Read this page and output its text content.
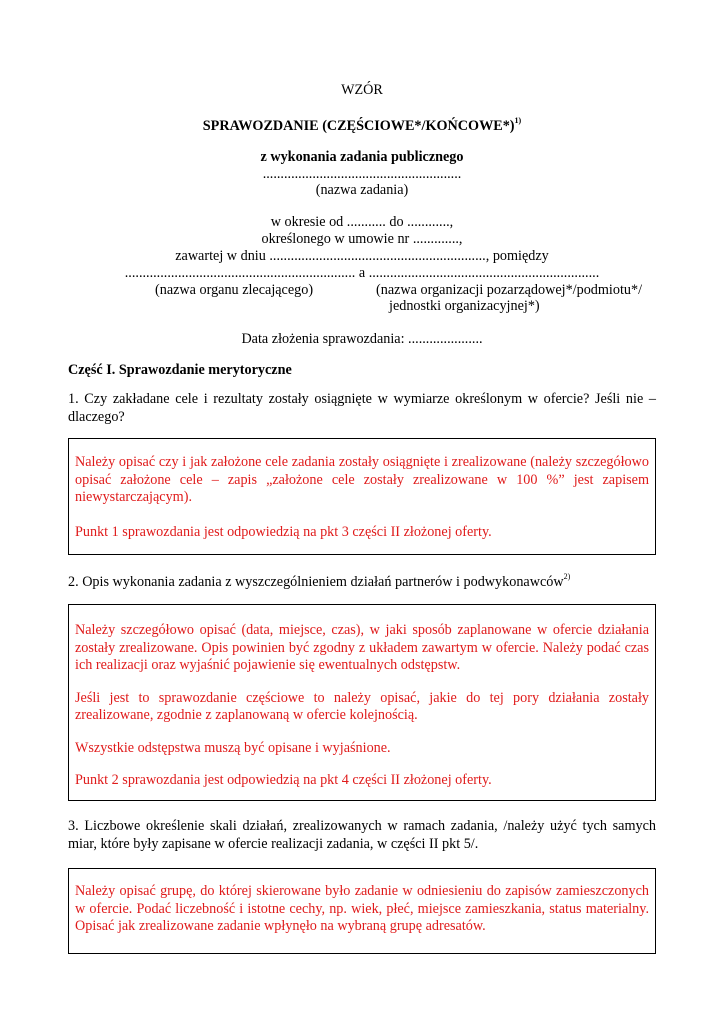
WZÓR
SPRAWOZDANIE (CZĘŚCIOWE*/KOŃCOWE*)$^{1)}$
z wykonania zadania publicznego
........................................................
(nazwa zadania)
w okresie od ........... do ............,
określonego w umowie nr .............,
zawartej w dniu ............................................................., pomiędzy
................................................................. a .................................................................
(nazwa organu zlecającego)	(nazwa organizacji pozarządowej*/podmiotu*/
jednostki organizacyjnej*)
Data złożenia sprawozdania: .....................
Część I. Sprawozdanie merytoryczne
1. Czy zakładane cele i rezultaty zostały osiągnięte w wymiarze określonym w ofercie? Jeśli nie – dlaczego?

Należy opisać czy i jak założone cele zadania zostały osiągnięte i zrealizowane (należy szczegółowo opisać założone cele – zapis „założone cele zostały zrealizowane w 100 %” jest zapisem niewystarczającym).

Punkt 1 sprawozdania jest odpowiedzią na pkt 3 części II złożonej oferty.

2. Opis wykonania zadania z wyszczególnieniem działań partnerów i podwykonawców$^{2)}$

Należy szczegółowo opisać (data, miejsce, czas), w jaki sposób zaplanowane w ofercie działania zostały zrealizowane. Opis powinien być zgodny z układem zawartym w ofercie. Należy podać czas ich realizacji oraz wyjaśnić pojawienie się ewentualnych odstępstw.

Jeśli jest to sprawozdanie częściowe to należy opisać, jakie do tej pory działania zostały zrealizowane, zgodnie z zaplanowaną w ofercie kolejnością.

Wszystkie odstępstwa muszą być opisane i wyjaśnione.

Punkt 2 sprawozdania jest odpowiedzią na pkt 4 części II złożonej oferty.

3. Liczbowe określenie skali działań, zrealizowanych w ramach zadania, /należy użyć tych samych miar, które były zapisane w ofercie realizacji zadania, w części II pkt 5/.

Należy opisać grupę, do której skierowane było zadanie w odniesieniu do zapisów zamieszczonych w ofercie. Podać liczebność i istotne cechy, np. wiek, płeć, miejsce zamieszkania, status materialny. Opisać jak zrealizowane zadanie wpłynęło na wybraną grupę adresatów.
